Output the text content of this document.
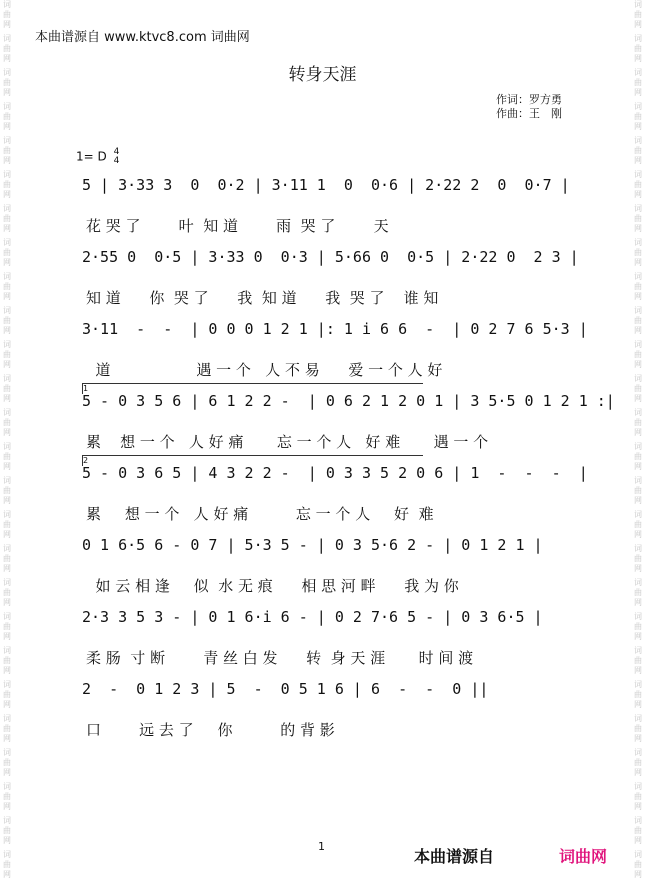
词曲网
词曲网
词曲网
词曲网
词曲网
词曲网
词曲网
词曲网
词曲网
词曲网
词曲网
词曲网
词曲网
词曲网
词曲网
词曲网
词曲网
词曲网
词曲网
词曲网
词曲网
词曲网
词曲网
词曲网
词曲网
词曲网
词曲网
词曲网
词曲网
词曲网
词曲网
词曲网
词曲网
词曲网
词曲网
词曲网
词曲网
词曲网
词曲网
词曲网
词曲网
词曲网
词曲网
词曲网
词曲网
词曲网
词曲网
词曲网
词曲网
词曲网
词曲网
词曲网
本曲谱源自 www.ktvc8.com 词曲网
转身天涯
作词：罗方勇
作曲：王　刚
1= D 4
4
5 | 3·33 3  0  0·2 | 3·11 1  0  0·6 | 2·22 2  0  0·7 |
花 哭 了        叶  知 道        雨  哭 了        天
2·55 0  0·5 | 3·33 0  0·3 | 5·66 0  0·5 | 2·22 0  2 3 |
知 道      你  哭 了      我  知 道      我  哭 了    谁 知
3·11  -  -  | 0 0 0 1 2 1 |: 1 i 6 6  -  | 0 2 7 6 5·3 |
道                  遇 一 个   人 不 易      爱 一 个 人 好
1
5 - 0 3 5 6 | 6 1 2 2 -  | 0 6 2 1 2 0 1 | 3 5·5 0 1 2 1 :|
累    想 一 个   人 好 痛       忘 一 个 人   好 难       遇 一 个
2
5 - 0 3 6 5 | 4 3 2 2 -  | 0 3 3 5 2 0 6 | 1  -  -  -  |
累     想 一 个   人 好 痛          忘 一 个 人     好  难
0 1 6·5 6 - 0 7 | 5·3 5 - | 0 3 5·6 2 - | 0 1 2 1 |
如 云 相 逢     似  水 无 痕      相 思 河 畔      我 为 你
2·3 3 5 3 - | 0 1 6·i 6 - | 0 2 7·6 5 - | 0 3 6·5 |
柔 肠  寸 断        青 丝 白 发      转  身 天 涯       时 间 渡
2  -  0 1 2 3 | 5  -  0 5 1 6 | 6  -  -  0 ||
口        远 去 了     你          的 背 影
1
本曲谱源自	词曲网
